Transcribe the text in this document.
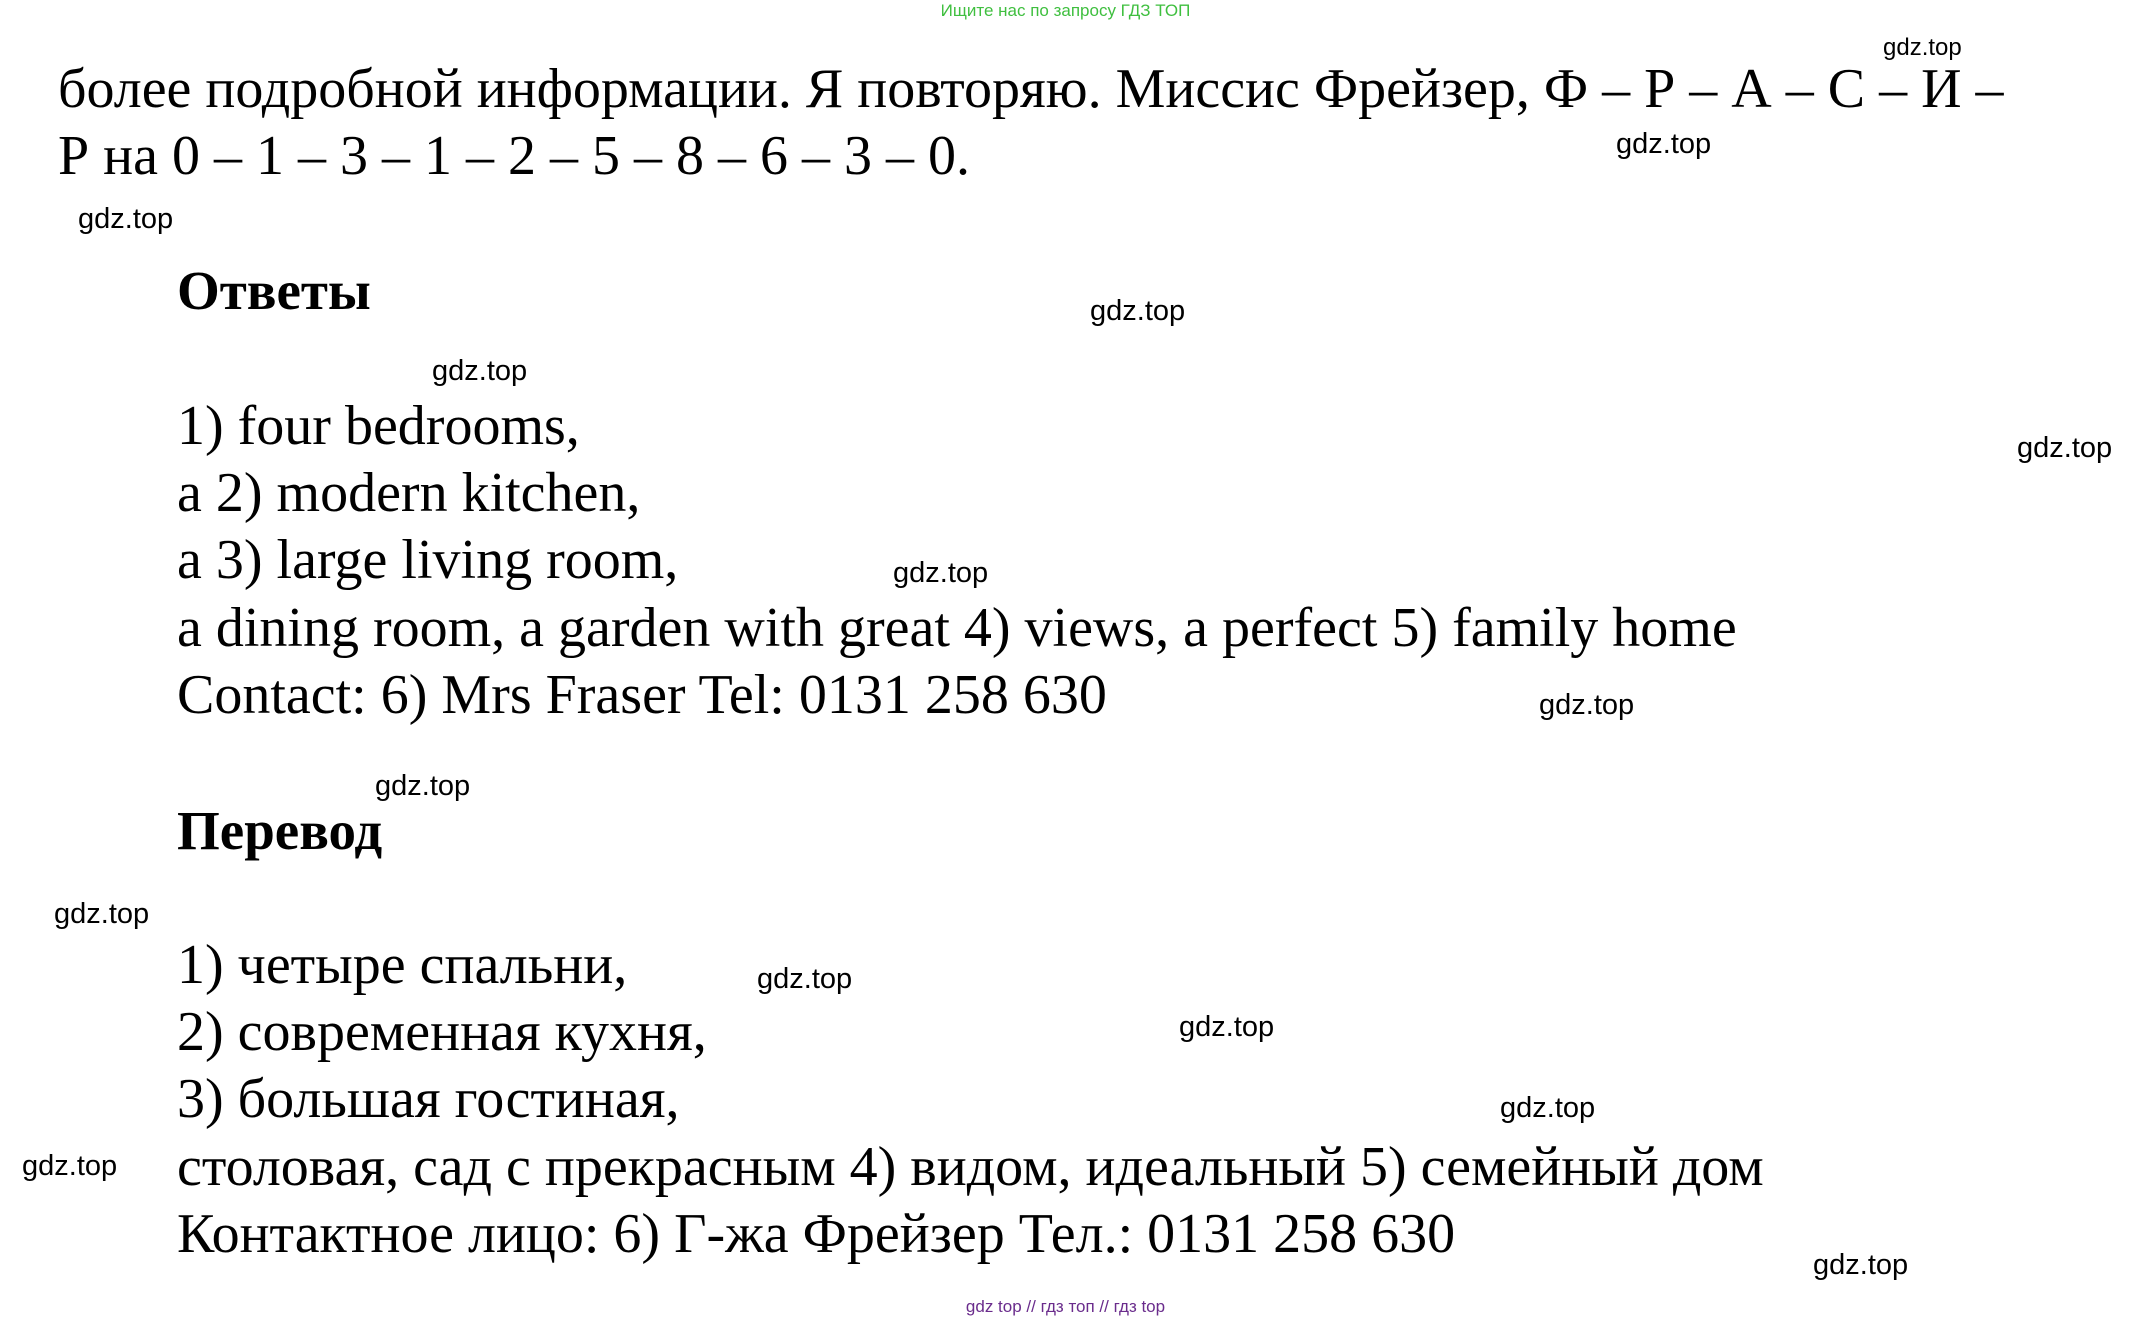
Ищите нас по запросу ГДЗ ТОП
более подробной информации. Я повторяю. Миссис Фрейзер, Ф – Р – А – С – И –
Р на 0 – 1 – 3 – 1 – 2 – 5 – 8 – 6 – 3 – 0.
Ответы
1) four bedrooms,
a 2) modern kitchen,
a 3) large living room,
a dining room, a garden with great 4) views, a perfect 5) family home
Contact: 6) Mrs Fraser Tel: 0131 258 630
Перевод
1) четыре спальни,
2) современная кухня,
3) большая гостиная,
столовая, сад с прекрасным 4) видом, идеальный 5) семейный дом
Контактное лицо: 6) Г-жа Фрейзер Тел.: 0131 258 630
gdz.top
gdz.top
gdz.top
gdz.top
gdz.top
gdz.top
gdz.top
gdz.top
gdz.top
gdz.top
gdz.top
gdz.top
gdz.top
gdz.top
gdz.top
gdz top // гдз топ // гдз top
